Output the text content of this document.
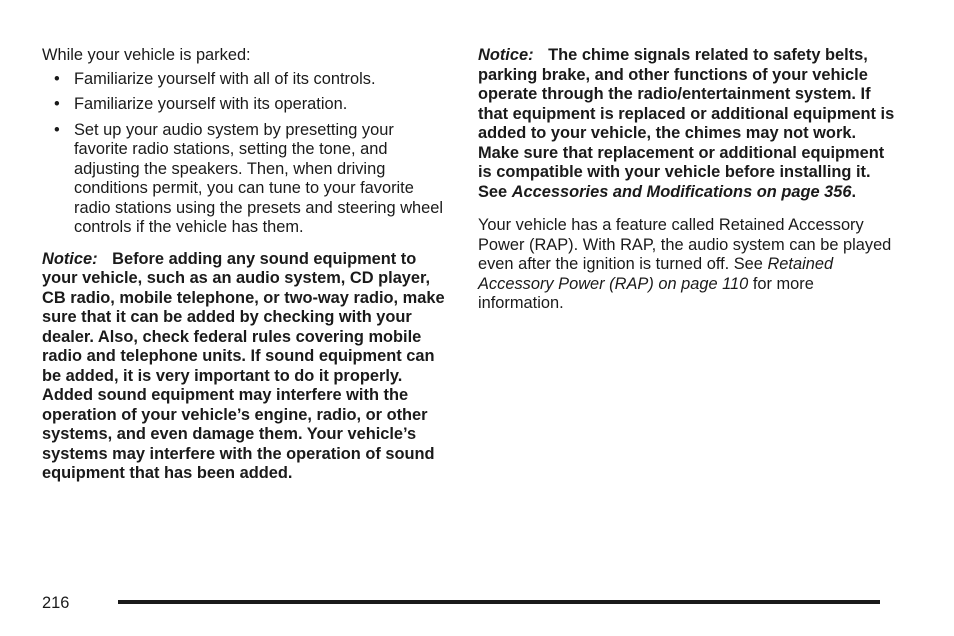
While your vehicle is parked:

• Familiarize yourself with all of its controls.
• Familiarize yourself with its operation.
• Set up your audio system by presetting your favorite radio stations, setting the tone, and adjusting the speakers. Then, when driving conditions permit, you can tune to your favorite radio stations using the presets and steering wheel controls if the vehicle has them.

Notice: Before adding any sound equipment to your vehicle, such as an audio system, CD player, CB radio, mobile telephone, or two-way radio, make sure that it can be added by checking with your dealer. Also, check federal rules covering mobile radio and telephone units. If sound equipment can be added, it is very important to do it properly. Added sound equipment may interfere with the operation of your vehicle’s engine, radio, or other systems, and even damage them. Your vehicle’s systems may interfere with the operation of sound equipment that has been added.

Notice: The chime signals related to safety belts, parking brake, and other functions of your vehicle operate through the radio/entertainment system. If that equipment is replaced or additional equipment is added to your vehicle, the chimes may not work. Make sure that replacement or additional equipment is compatible with your vehicle before installing it. See Accessories and Modifications on page 356.

Your vehicle has a feature called Retained Accessory Power (RAP). With RAP, the audio system can be played even after the ignition is turned off. See Retained Accessory Power (RAP) on page 110 for more information.

216
